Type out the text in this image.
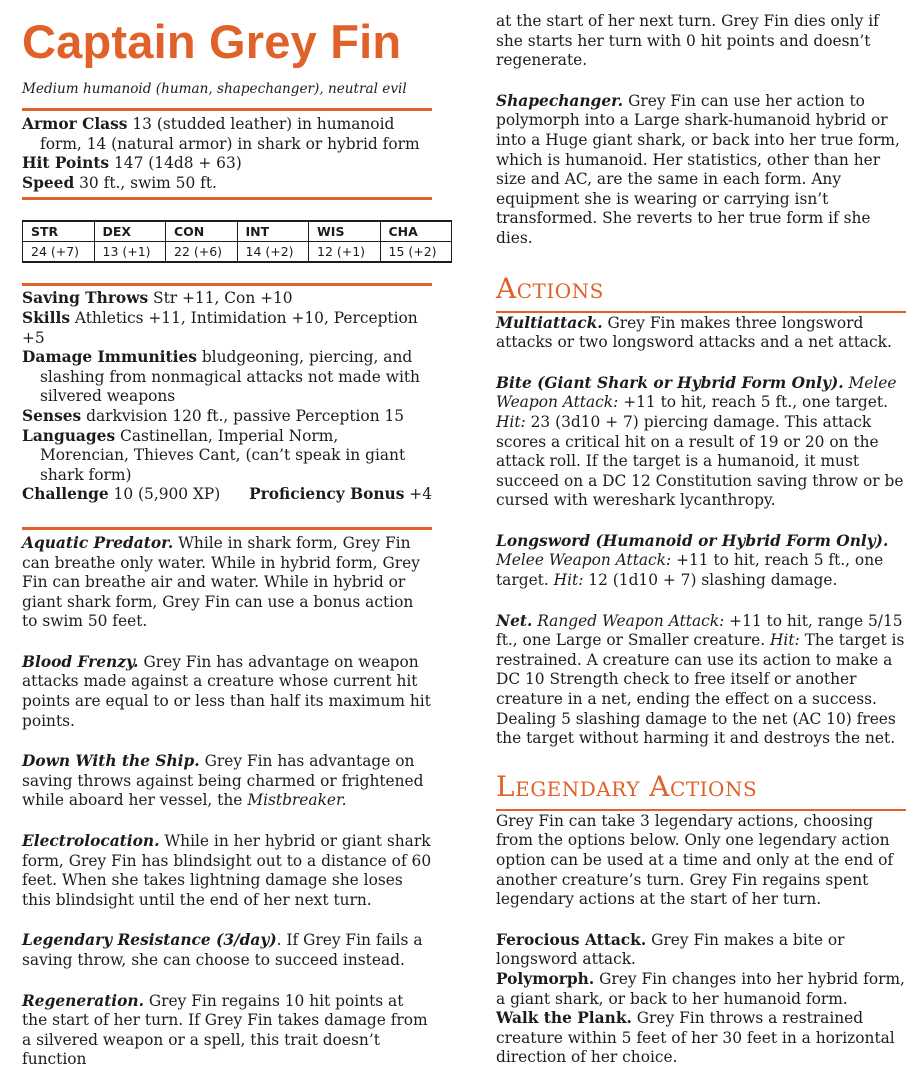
Captain Grey Fin
Medium humanoid (human, shapechanger), neutral evil
Armor Class 13 (studded leather) in humanoid form, 14 (natural armor) in shark or hybrid form
Hit Points 147 (14d8 + 63)
Speed 30 ft., swim 50 ft.
STR	DEX	CON	INT	WIS	CHA
24 (+7)	13 (+1)	22 (+6)	14 (+2)	12 (+1)	15 (+2)
Saving Throws Str +11, Con +10
Skills Athletics +11, Intimidation +10, Perception +5
Damage Immunities bludgeoning, piercing, and slashing from nonmagical attacks not made with silvered weapons
Senses darkvision 120 ft., passive Perception 15
Languages Castinellan, Imperial Norm, Morencian, Thieves Cant, (can’t speak in giant shark form)
Challenge 10 (5,900 XP) Proficiency Bonus +4

Aquatic Predator. While in shark form, Grey Fin can breathe only water. While in hybrid form, Grey Fin can breathe air and water. While in hybrid or giant shark form, Grey Fin can use a bonus action to swim 50 feet.

Blood Frenzy. Grey Fin has advantage on weapon attacks made against a creature whose current hit points are equal to or less than half its maximum hit points.

Down With the Ship. Grey Fin has advantage on saving throws against being charmed or frightened while aboard her vessel, the Mistbreaker.

Electrolocation. While in her hybrid or giant shark form, Grey Fin has blindsight out to a distance of 60 feet. When she takes lightning damage she loses this blindsight until the end of her next turn.

Legendary Resistance (3/day). If Grey Fin fails a saving throw, she can choose to succeed instead.

Regeneration. Grey Fin regains 10 hit points at the start of her turn. If Grey Fin takes damage from a silvered weapon or a spell, this trait doesn’t function

at the start of her next turn. Grey Fin dies only if she starts her turn with 0 hit points and doesn’t regenerate.

Shapechanger. Grey Fin can use her action to polymorph into a Large shark-humanoid hybrid or into a Huge giant shark, or back into her true form, which is humanoid. Her statistics, other than her size and AC, are the same in each form. Any equipment she is wearing or carrying isn’t transformed. She reverts to her true form if she dies.

Actions

Multiattack. Grey Fin makes three longsword attacks or two longsword attacks and a net attack.

Bite (Giant Shark or Hybrid Form Only). Melee Weapon Attack: +11 to hit, reach 5 ft., one target. Hit: 23 (3d10 + 7) piercing damage. This attack scores a critical hit on a result of 19 or 20 on the attack roll. If the target is a humanoid, it must succeed on a DC 12 Constitution saving throw or be cursed with wereshark lycanthropy.

Longsword (Humanoid or Hybrid Form Only). Melee Weapon Attack: +11 to hit, reach 5 ft., one target. Hit: 12 (1d10 + 7) slashing damage.

Net. Ranged Weapon Attack: +11 to hit, range 5/15 ft., one Large or Smaller creature. Hit: The target is restrained. A creature can use its action to make a DC 10 Strength check to free itself or another creature in a net, ending the effect on a success. Dealing 5 slashing damage to the net (AC 10) frees the target without harming it and destroys the net.

Legendary Actions

Grey Fin can take 3 legendary actions, choosing from the options below. Only one legendary action option can be used at a time and only at the end of another creature’s turn. Grey Fin regains spent legendary actions at the start of her turn.

Ferocious Attack. Grey Fin makes a bite or longsword attack.

Polymorph. Grey Fin changes into her hybrid form, a giant shark, or back to her humanoid form.

Walk the Plank. Grey Fin throws a restrained creature within 5 feet of her 30 feet in a horizontal direction of her choice.
